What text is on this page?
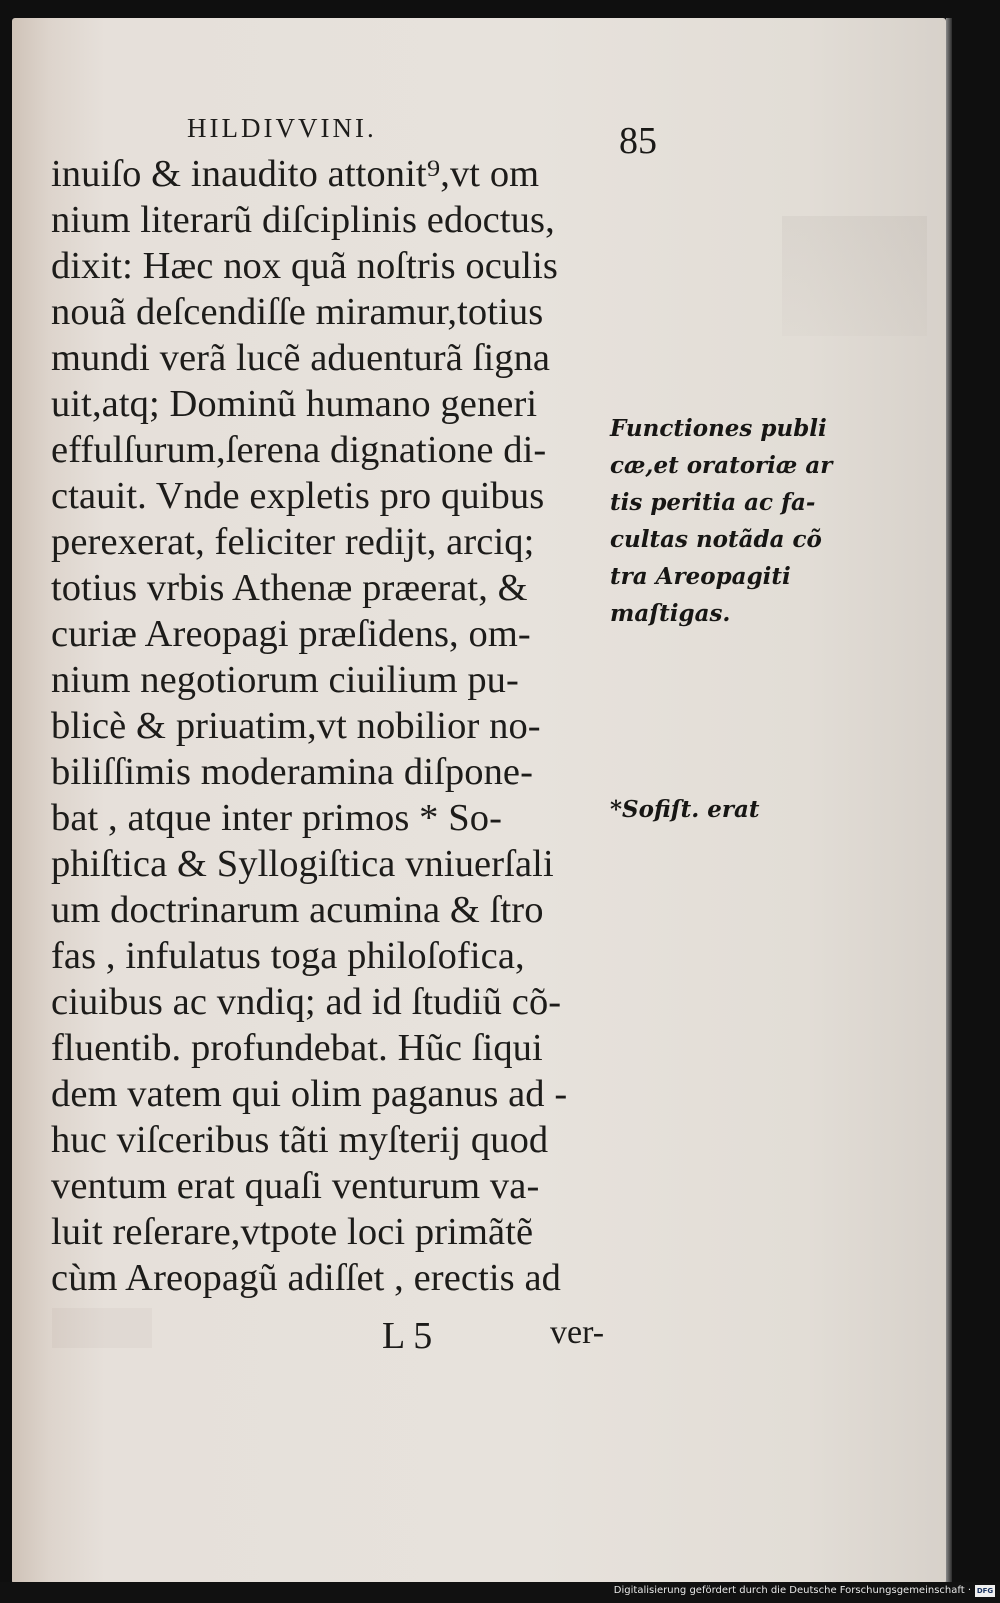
HILDIVVINI.	85
inuiſo & inaudito attonit⁹,vt om
nium literarũ diſciplinis edoctus,
dixit: Hæc nox quã noſtris oculis
nouã deſcendiſſe miramur,totius
mundi verã lucẽ aduenturã ſigna
uit,atq; Dominũ humano generi
effulſurum,ſerena dignatione di-
ctauit. Vnde expletis pro quibus
perexerat, feliciter redijt, arciq;
totius vrbis Athenæ præerat, &
curiæ Areopagi præſidens, om-
nium negotiorum ciuilium pu-
blicè & priuatim,vt nobilior no-
biliſſimis moderamina diſpone-
bat , atque inter primos * So-
phiſtica & Syllogiſtica vniuerſali
um doctrinarum acumina & ſtro
fas , infulatus toga philoſofica,
ciuibus ac vndiq; ad id ſtudiũ cõ-
fluentib. profundebat. Hũc ſiqui
dem vatem qui olim paganus ad -
huc viſceribus tãti myſterij quod
ventum erat quaſi venturum va-
luit reſerare,vtpote loci primãtẽ
cùm Areopagũ adiſſet , erectis ad
Functiones publi
cæ,et oratoriæ ar
tis peritia ac fa-
cultas notãda cõ
tra Areopagiti
maſtigas.
*Sofiſt. erat
L 5	ver-
Digitalisierung gefördert durch die Deutsche Forschungsgemeinschaft · DFG
